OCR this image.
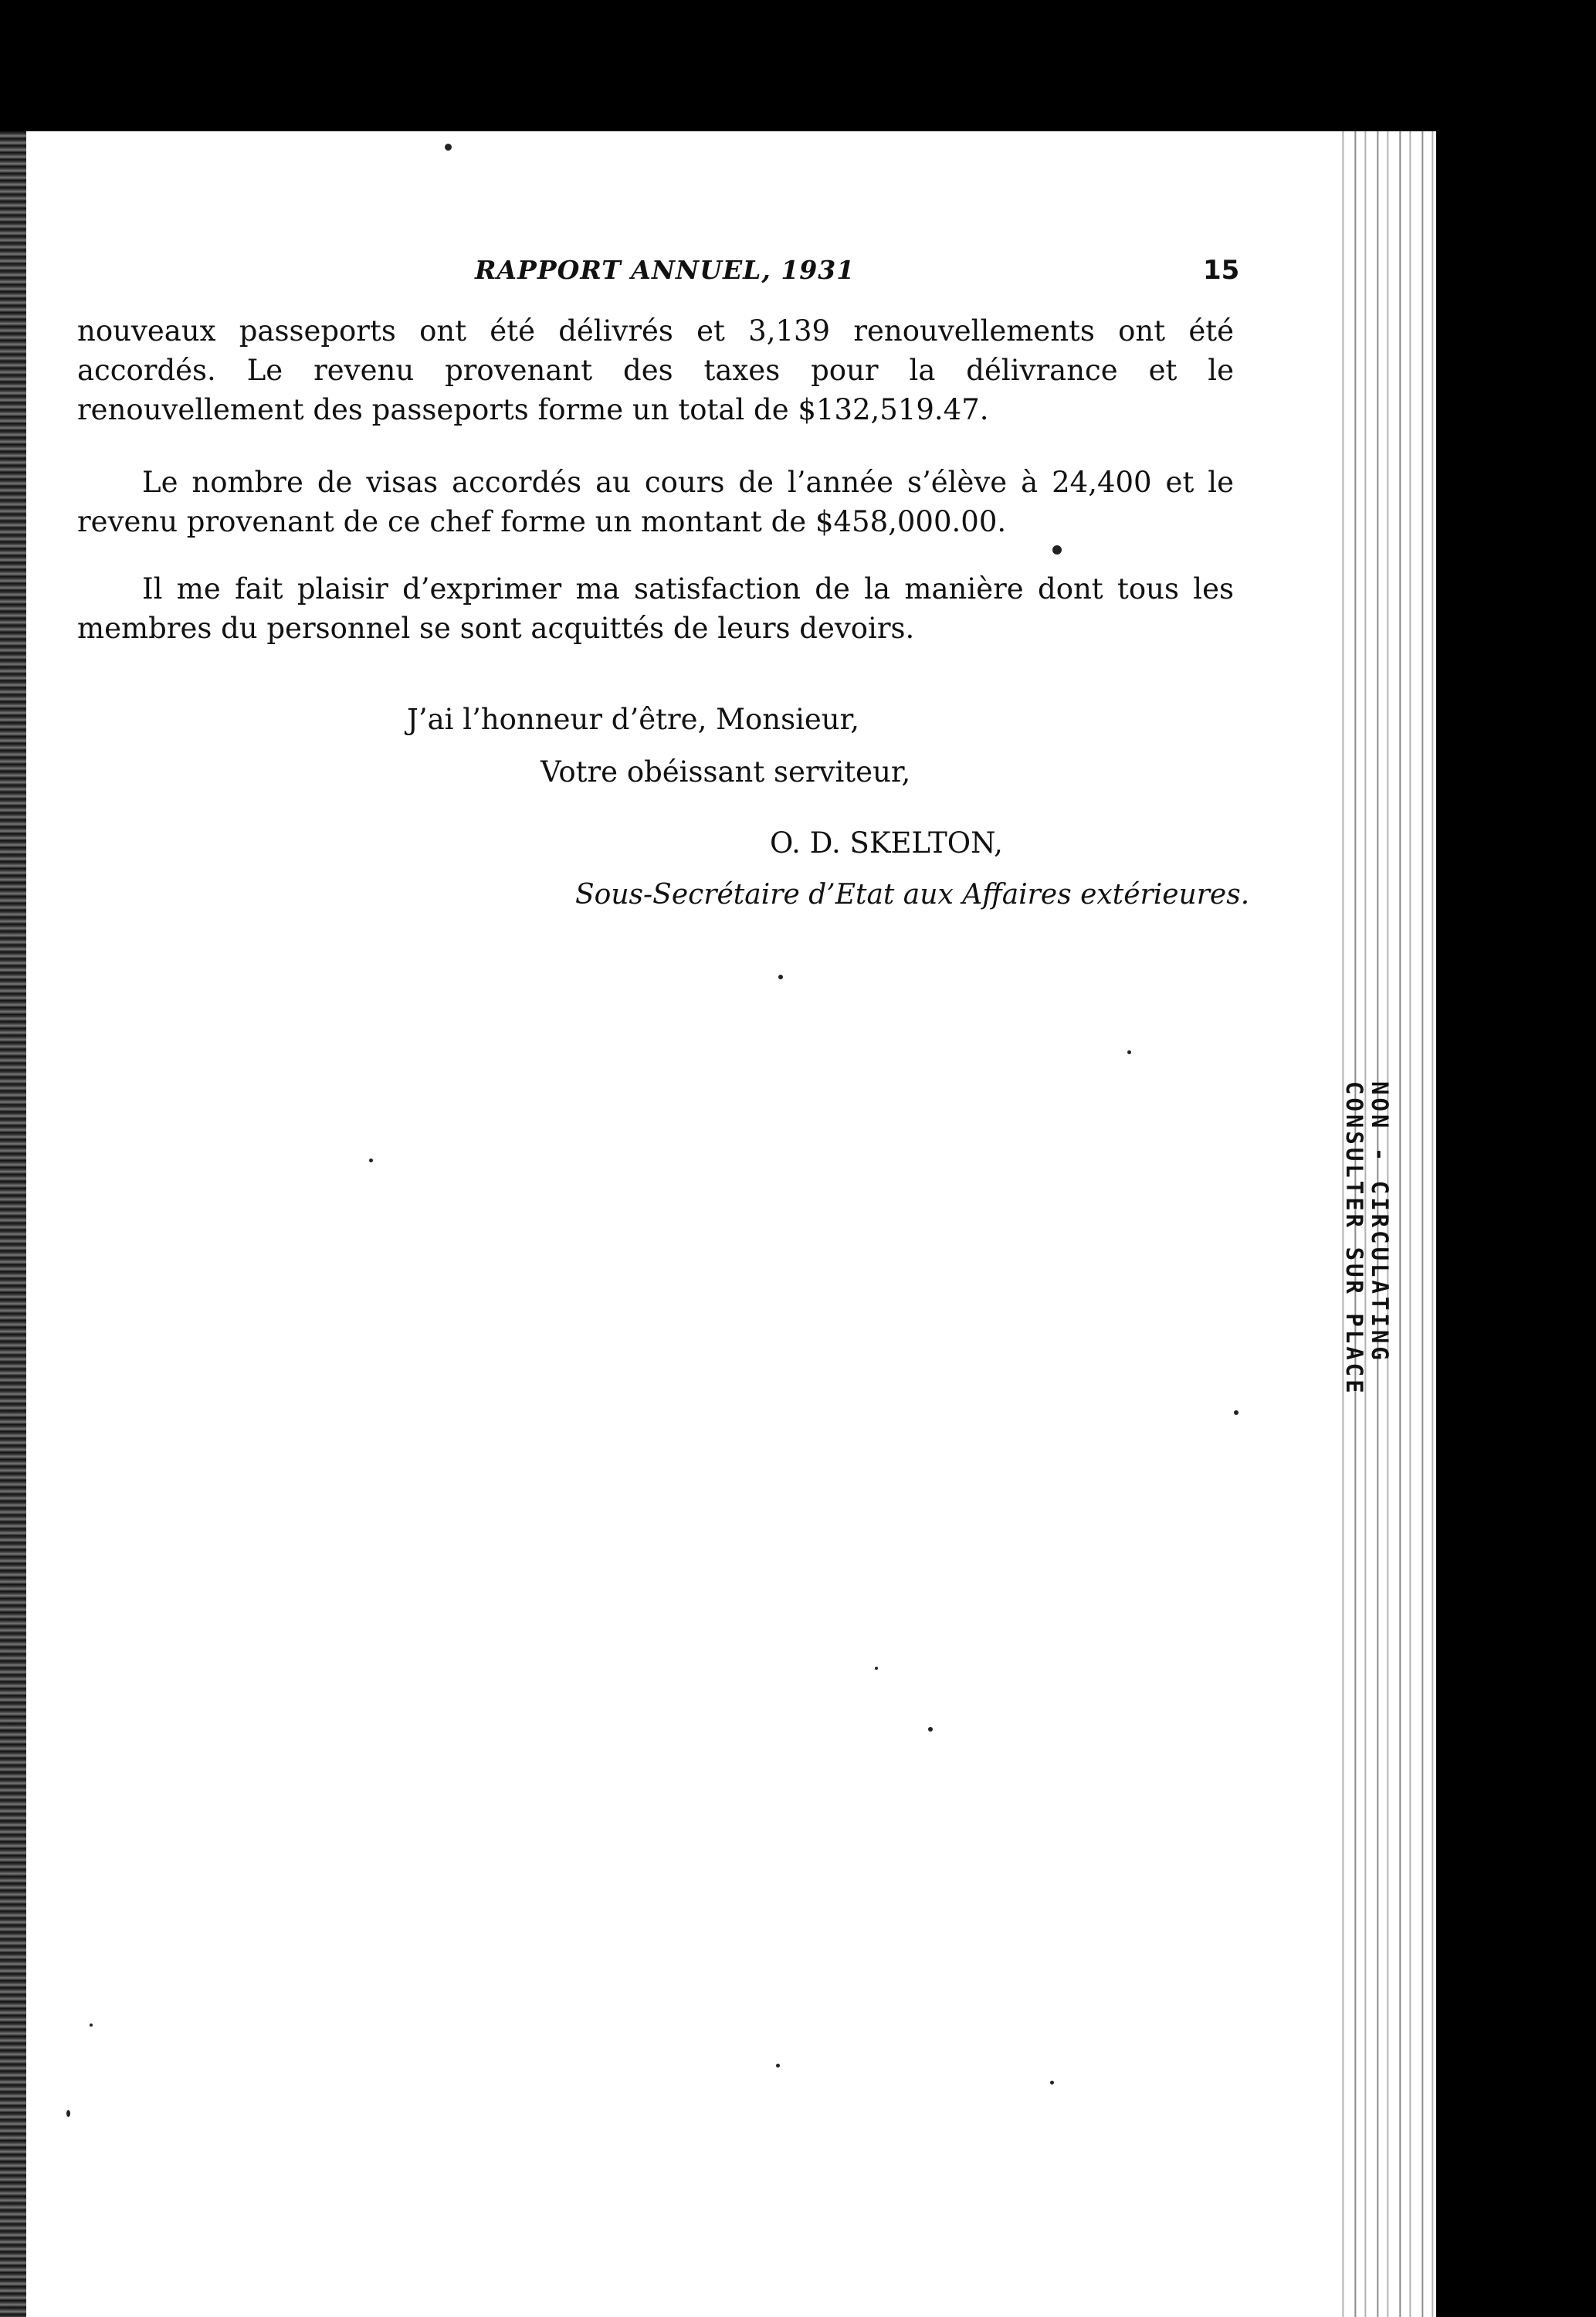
RAPPORT ANNUEL, 1931	15

nouveaux passeports ont été délivrés et 3,139 renouvellements ont été accordés. Le revenu provenant des taxes pour la délivrance et le renouvellement des passeports forme un total de $132,519.47.

Le nombre de visas accordés au cours de l’année s’élève à 24,400 et le revenu provenant de ce chef forme un montant de $458,000.00.

Il me fait plaisir d’exprimer ma satisfaction de la manière dont tous les membres du personnel se sont acquittés de leurs devoirs.

J’ai l’honneur d’être, Monsieur,
Votre obéissant serviteur,
O. D. SKELTON,
Sous-Secrétaire d’Etat aux Affaires extérieures.
NON - CIRCULATING
CONSULTER SUR PLACE
